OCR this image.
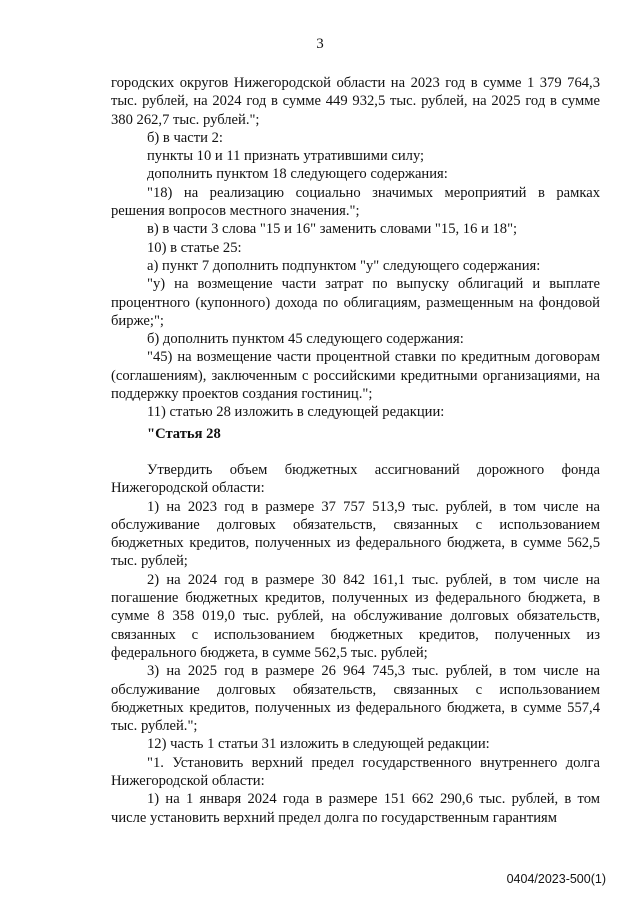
3

городских округов Нижегородской области на 2023 год в сумме 1 379 764,3 тыс. рублей, на 2024 год в сумме 449 932,5 тыс. рублей, на 2025 год в сумме 380 262,7 тыс. рублей.";

б) в части 2:

пункты 10 и 11 признать утратившими силу;

дополнить пунктом 18 следующего содержания:

"18) на реализацию социально значимых мероприятий в рамках решения вопросов местного значения.";

в) в части 3 слова "15 и 16" заменить словами "15, 16 и 18";

10) в статье 25:

а) пункт 7 дополнить подпунктом "у" следующего содержания:

"у) на возмещение части затрат по выпуску облигаций и выплате процентного (купонного) дохода по облигациям, размещенным на фондовой бирже;";

б) дополнить пунктом 45 следующего содержания:

"45) на возмещение части процентной ставки по кредитным договорам (соглашениям), заключенным с российскими кредитными организациями, на поддержку проектов создания гостиниц.";

11) статью 28 изложить в следующей редакции:

"Статья 28

Утвердить объем бюджетных ассигнований дорожного фонда Нижегородской области:

1) на 2023 год в размере 37 757 513,9 тыс. рублей, в том числе на обслуживание долговых обязательств, связанных с использованием бюджетных кредитов, полученных из федерального бюджета, в сумме 562,5 тыс. рублей;

2) на 2024 год в размере 30 842 161,1 тыс. рублей, в том числе на погашение бюджетных кредитов, полученных из федерального бюджета, в сумме 8 358 019,0 тыс. рублей, на обслуживание долговых обязательств, связанных с использованием бюджетных кредитов, полученных из федерального бюджета, в сумме 562,5 тыс. рублей;

3) на 2025 год в размере 26 964 745,3 тыс. рублей, в том числе на обслуживание долговых обязательств, связанных с использованием бюджетных кредитов, полученных из федерального бюджета, в сумме 557,4 тыс. рублей.";

12) часть 1 статьи 31 изложить в следующей редакции:

"1. Установить верхний предел государственного внутреннего долга Нижегородской области:

1) на 1 января 2024 года в размере 151 662 290,6 тыс. рублей, в том числе установить верхний предел долга по государственным гарантиям

0404/2023-500(1)
